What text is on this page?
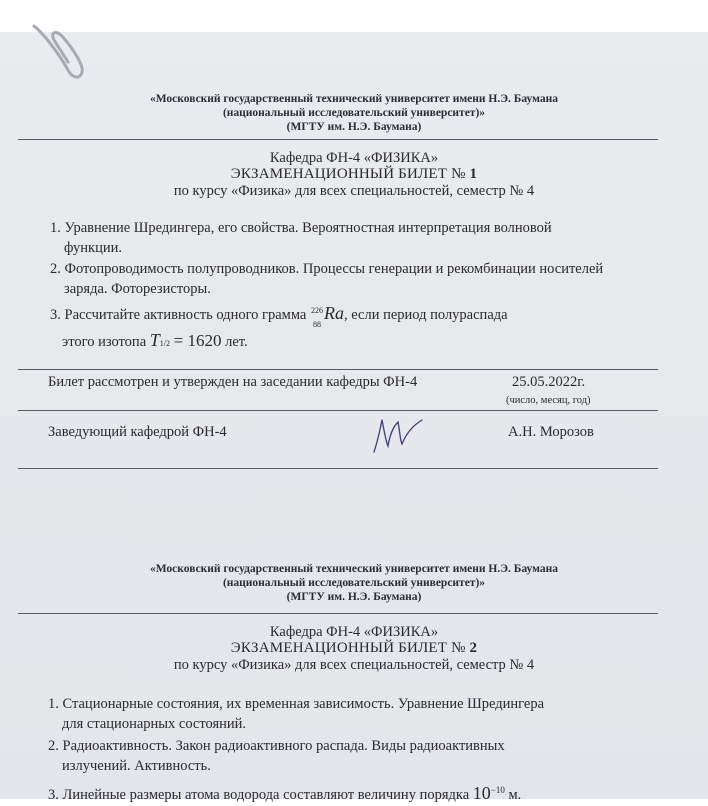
«Московский государственный технический университет имени Н.Э. Баумана
(национальный исследовательский университет)»
(МГТУ им. Н.Э. Баумана)
Кафедра ФН-4 «ФИЗИКА»
ЭКЗАМЕНАЦИОННЫЙ БИЛЕТ № 1
по курсу «Физика» для всех специальностей, семестр № 4
1. Уравнение Шредингера, его свойства. Вероятностная интерпретация волновой
функции.
2. Фотопроводимость полупроводников. Процессы генерации и рекомбинации носителей
заряда. Фоторезисторы.
3. Рассчитайте активность одного грамма 226
88
Ra, если период полураспада
этого изотопа T1/2 = 1620 лет.
Билет рассмотрен и утвержден на заседании кафедры ФН-4	25.05.2022г.
(число, месяц, год)
Заведующий кафедрой ФН-4	А.Н. Морозов
«Московский государственный технический университет имени Н.Э. Баумана
(национальный исследовательский университет)»
(МГТУ им. Н.Э. Баумана)
Кафедра ФН-4 «ФИЗИКА»
ЭКЗАМЕНАЦИОННЫЙ БИЛЕТ № 2
по курсу «Физика» для всех специальностей, семестр № 4
1. Стационарные состояния, их временная зависимость. Уравнение Шредингера
для стационарных состояний.
2. Радиоактивность. Закон радиоактивного распада. Виды радиоактивных
излучений. Активность.
3. Линейные размеры атома водорода составляют величину порядка $10^{-10}$ м.
